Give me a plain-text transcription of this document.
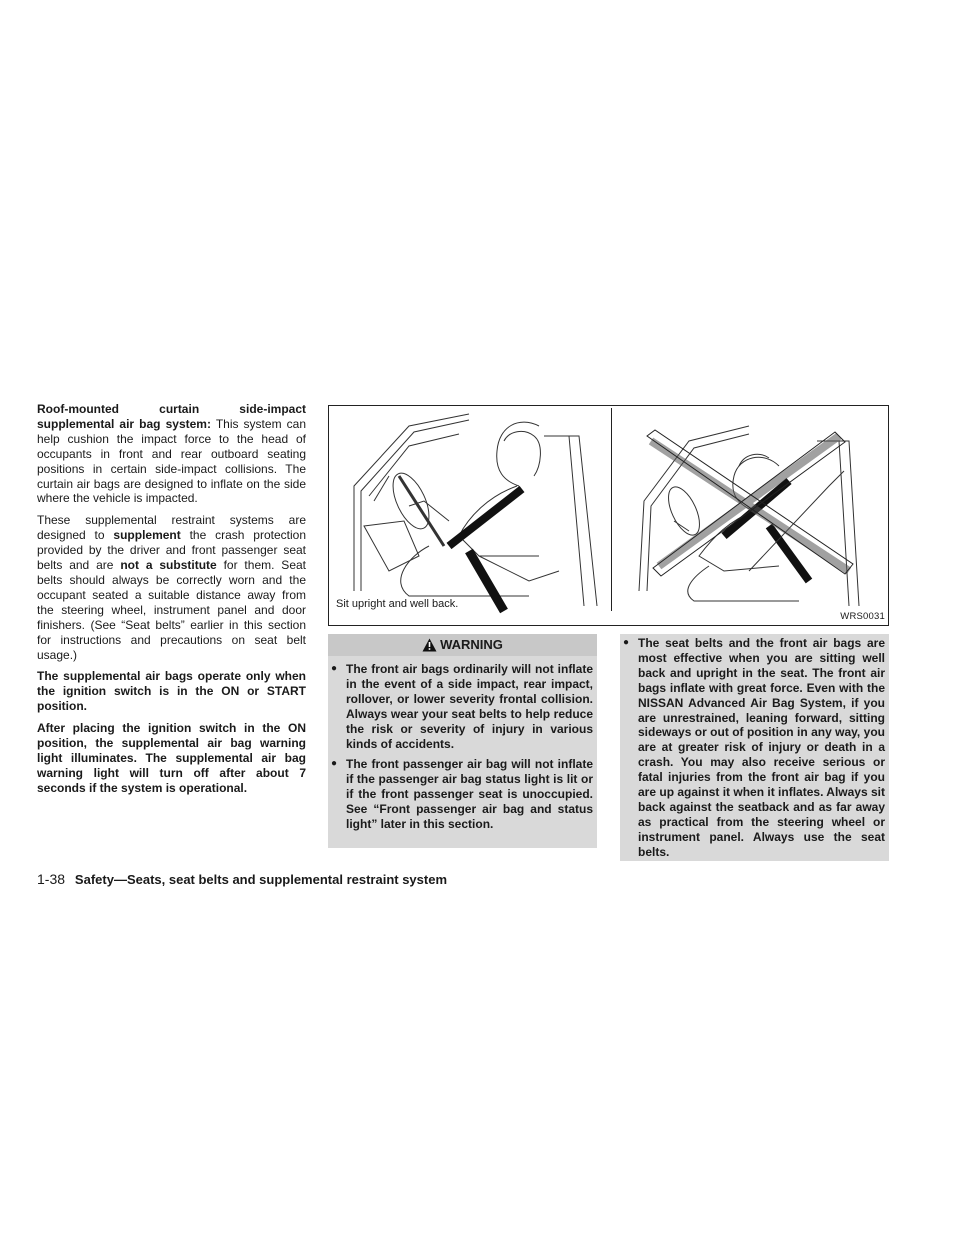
Roof-mounted curtain side-impact supplemental air bag system: This system can help cushion the impact force to the head of occupants in front and rear outboard seating positions in certain side-impact collisions. The curtain air bags are designed to inflate on the side where the vehicle is impacted.

These supplemental restraint systems are designed to supplement the crash protection provided by the driver and front passenger seat belts and are not a substitute for them. Seat belts should always be correctly worn and the occupant seated a suitable distance away from the steering wheel, instrument panel and door finishers. (See “Seat belts” earlier in this section for instructions and precautions on seat belt usage.)

The supplemental air bags operate only when the ignition switch is in the ON or START position.

After placing the ignition switch in the ON position, the supplemental air bag warning light illuminates. The supplemental air bag warning light will turn off after about 7 seconds if the system is operational.

Sit upright and well back.
WRS0031
WARNING
● The front air bags ordinarily will not inflate in the event of a side impact, rear impact, rollover, or lower severity frontal collision. Always wear your seat belts to help reduce the risk or severity of injury in various kinds of accidents.
● The front passenger air bag will not inflate if the passenger air bag status light is lit or if the front passenger seat is unoccupied. See “Front passenger air bag and status light” later in this section.
● The seat belts and the front air bags are most effective when you are sitting well back and upright in the seat. The front air bags inflate with great force. Even with the NISSAN Advanced Air Bag System, if you are unrestrained, leaning forward, sitting sideways or out of position in any way, you are at greater risk of injury or death in a crash. You may also receive serious or fatal injuries from the front air bag if you are up against it when it inflates. Always sit back against the seatback and as far away as practical from the steering wheel or instrument panel. Always use the seat belts.
1-38 Safety—Seats, seat belts and supplemental restraint system
